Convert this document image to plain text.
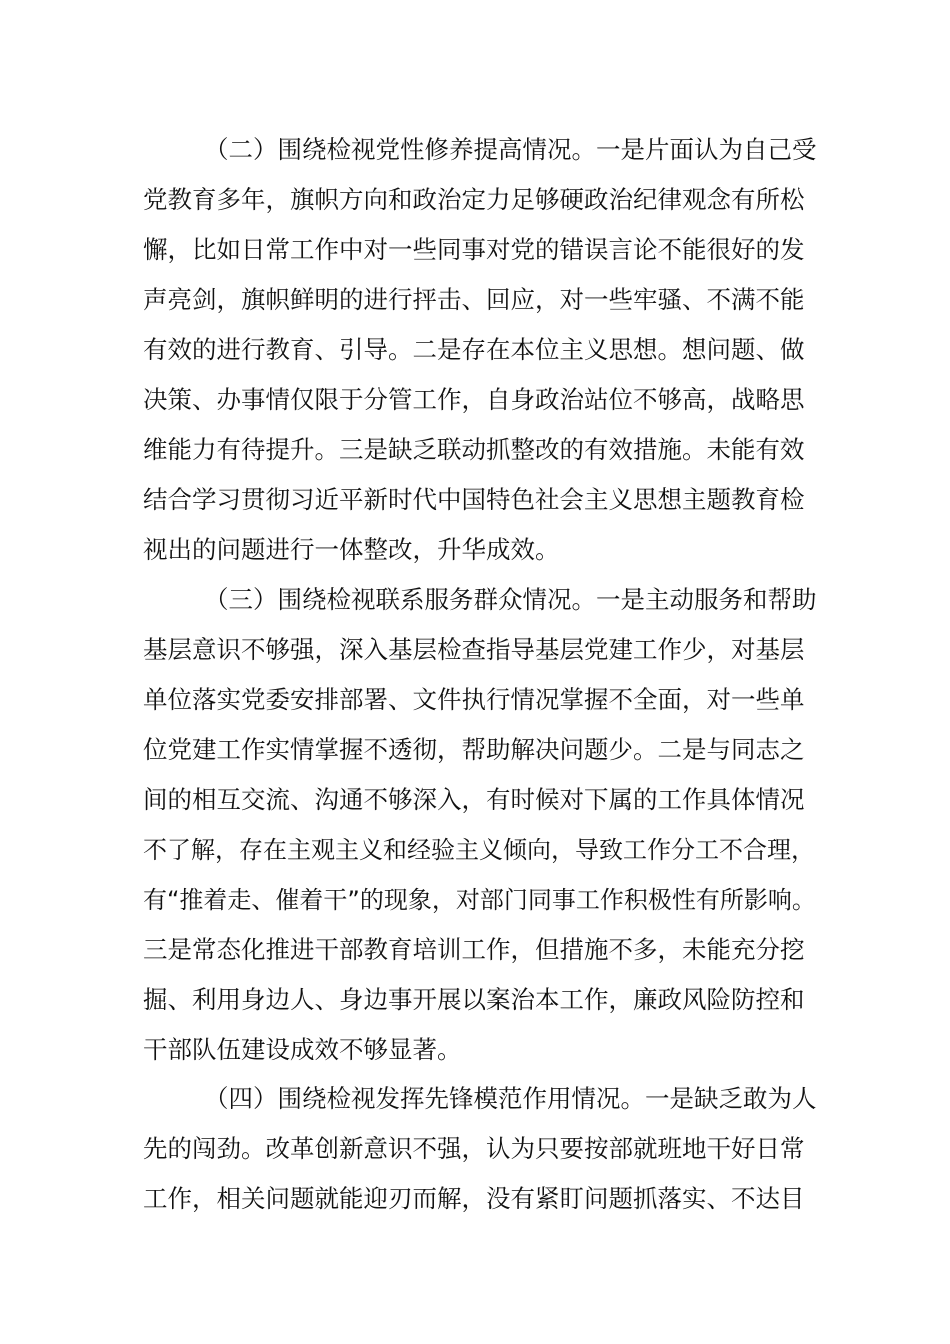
（二）围绕检视党性修养提高情况。一是片面认为自己受

党教育多年，旗帜方向和政治定力足够硬政治纪律观念有所松

懈，比如日常工作中对一些同事对党的错误言论不能很好的发

声亮剑，旗帜鲜明的进行抨击、回应，对一些牢骚、不满不能

有效的进行教育、引导。二是存在本位主义思想。想问题、做

决策、办事情仅限于分管工作，自身政治站位不够高，战略思

维能力有待提升。三是缺乏联动抓整改的有效措施。未能有效

结合学习贯彻习近平新时代中国特色社会主义思想主题教育检

视出的问题进行一体整改，升华成效。

（三）围绕检视联系服务群众情况。一是主动服务和帮助

基层意识不够强，深入基层检查指导基层党建工作少，对基层

单位落实党委安排部署、文件执行情况掌握不全面，对一些单

位党建工作实情掌握不透彻，帮助解决问题少。二是与同志之

间的相互交流、沟通不够深入，有时候对下属的工作具体情况

不了解，存在主观主义和经验主义倾向，导致工作分工不合理，

有“推着走、催着干”的现象，对部门同事工作积极性有所影响。

三是常态化推进干部教育培训工作，但措施不多，未能充分挖

掘、利用身边人、身边事开展以案治本工作，廉政风险防控和

干部队伍建设成效不够显著。

（四）围绕检视发挥先锋模范作用情况。一是缺乏敢为人

先的闯劲。改革创新意识不强，认为只要按部就班地干好日常

工作，相关问题就能迎刃而解，没有紧盯问题抓落实、不达目
